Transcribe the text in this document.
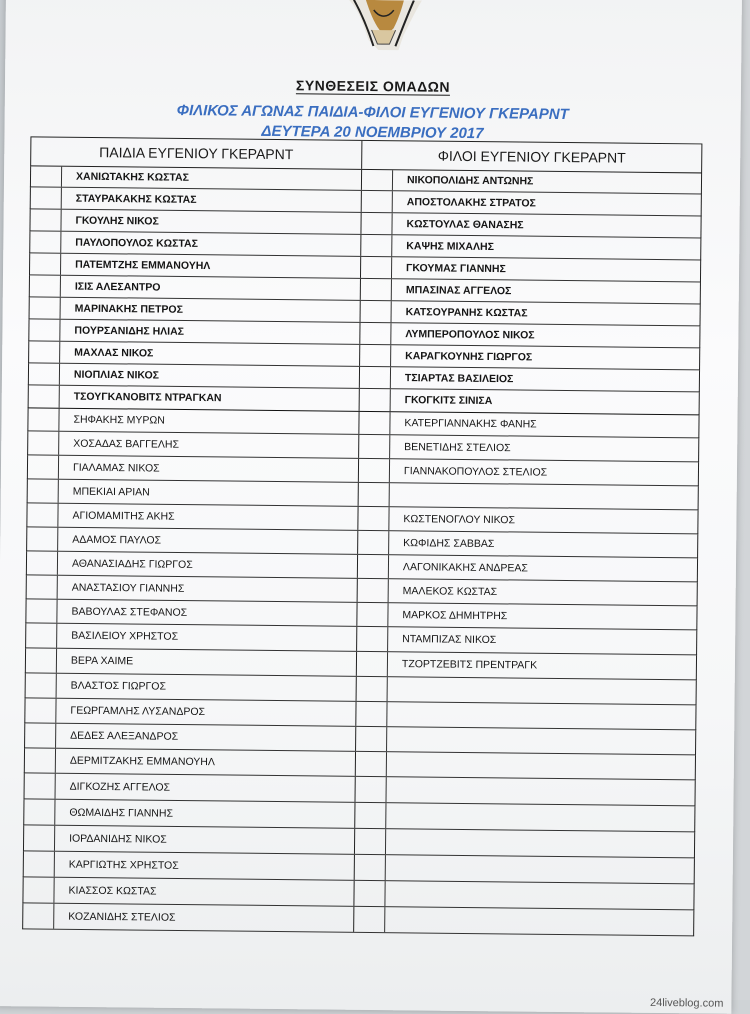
ΣΥΝΘΕΣΕΙΣ ΟΜΑΔΩΝ
ΦΙΛΙΚΟΣ ΑΓΩΝΑΣ ΠΑΙΔΙΑ-ΦΙΛΟΙ ΕΥΓΕΝΙΟΥ ΓΚΕΡΑΡΝΤ
ΔΕΥΤΕΡΑ 20 ΝΟΕΜΒΡΙΟΥ 2017
ΠΑΙΔΙΑ ΕΥΓΕΝΙΟΥ ΓΚΕΡΑΡΝΤ	ΦΙΛΟΙ ΕΥΓΕΝΙΟΥ ΓΚΕΡΑΡΝΤ
ΧΑΝΙΩΤΑΚΗΣ ΚΩΣΤΑΣ	ΝΙΚΟΠΟΛΙΔΗΣ ΑΝΤΩΝΗΣ
ΣΤΑΥΡΑΚΑΚΗΣ ΚΩΣΤΑΣ	ΑΠΟΣΤΟΛΑΚΗΣ ΣΤΡΑΤΟΣ
ΓΚΟΥΛΗΣ ΝΙΚΟΣ	ΚΩΣΤΟΥΛΑΣ ΘΑΝΑΣΗΣ
ΠΑΥΛΟΠΟΥΛΟΣ ΚΩΣΤΑΣ	ΚΑΨΗΣ ΜΙΧΑΛΗΣ
ΠΑΤΕΜΤΖΗΣ ΕΜΜΑΝΟΥΗΛ	ΓΚΟΥΜΑΣ ΓΙΑΝΝΗΣ
ΙΣΙΣ ΑΛΕΣΑΝΤΡΟ	ΜΠΑΣΙΝΑΣ ΑΓΓΕΛΟΣ
ΜΑΡΙΝΑΚΗΣ ΠΕΤΡΟΣ	ΚΑΤΣΟΥΡΑΝΗΣ ΚΩΣΤΑΣ
ΠΟΥΡΣΑΝΙΔΗΣ ΗΛΙΑΣ	ΛΥΜΠΕΡΟΠΟΥΛΟΣ ΝΙΚΟΣ
ΜΑΧΛΑΣ ΝΙΚΟΣ	ΚΑΡΑΓΚΟΥΝΗΣ ΓΙΩΡΓΟΣ
ΝΙΟΠΛΙΑΣ ΝΙΚΟΣ	ΤΣΙΑΡΤΑΣ ΒΑΣΙΛΕΙΟΣ
ΤΣΟΥΓΚΑΝΟΒΙΤΣ ΝΤΡΑΓΚΑΝ	ΓΚΟΓΚΙΤΣ ΣΙΝΙΣΑ
ΣΗΦΑΚΗΣ ΜΥΡΩΝ	ΚΑΤΕΡΓΙΑΝΝΑΚΗΣ ΦΑΝΗΣ
ΧΟΣΑΔΑΣ ΒΑΓΓΕΛΗΣ	ΒΕΝΕΤΙΔΗΣ ΣΤΕΛΙΟΣ
ΓΙΑΛΑΜΑΣ ΝΙΚΟΣ	ΓΙΑΝΝΑΚΟΠΟΥΛΟΣ ΣΤΕΛΙΟΣ
ΜΠΕΚΙΑΙ ΑΡΙΑΝ
ΑΓΙΟΜΑΜΙΤΗΣ ΑΚΗΣ	ΚΩΣΤΕΝΟΓΛΟΥ ΝΙΚΟΣ
ΑΔΑΜΟΣ ΠΑΥΛΟΣ	ΚΩΦΙΔΗΣ ΣΑΒΒΑΣ
ΑΘΑΝΑΣΙΑΔΗΣ ΓΙΩΡΓΟΣ	ΛΑΓΟΝΙΚΑΚΗΣ ΑΝΔΡΕΑΣ
ΑΝΑΣΤΑΣΙΟΥ ΓΙΑΝΝΗΣ	ΜΑΛΕΚΟΣ ΚΩΣΤΑΣ
ΒΑΒΟΥΛΑΣ ΣΤΕΦΑΝΟΣ	ΜΑΡΚΟΣ ΔΗΜΗΤΡΗΣ
ΒΑΣΙΛΕΙΟΥ ΧΡΗΣΤΟΣ	ΝΤΑΜΠΙΖΑΣ ΝΙΚΟΣ
ΒΕΡΑ ΧΑΙΜΕ	ΤΖΟΡΤΖΕΒΙΤΣ ΠΡΕΝΤΡΑΓΚ
ΒΛΑΣΤΟΣ ΓΙΩΡΓΟΣ
ΓΕΩΡΓΑΜΛΗΣ ΛΥΣΑΝΔΡΟΣ
ΔΕΔΕΣ ΑΛΕΞΑΝΔΡΟΣ
ΔΕΡΜΙΤΖΑΚΗΣ ΕΜΜΑΝΟΥΗΛ
ΔΙΓΚΟΖΗΣ ΑΓΓΕΛΟΣ
ΘΩΜΑΙΔΗΣ ΓΙΑΝΝΗΣ
ΙΟΡΔΑΝΙΔΗΣ ΝΙΚΟΣ
ΚΑΡΓΙΩΤΗΣ ΧΡΗΣΤΟΣ
ΚΙΑΣΣΟΣ ΚΩΣΤΑΣ
ΚΟΖΑΝΙΔΗΣ ΣΤΕΛΙΟΣ
24liveblog.com
